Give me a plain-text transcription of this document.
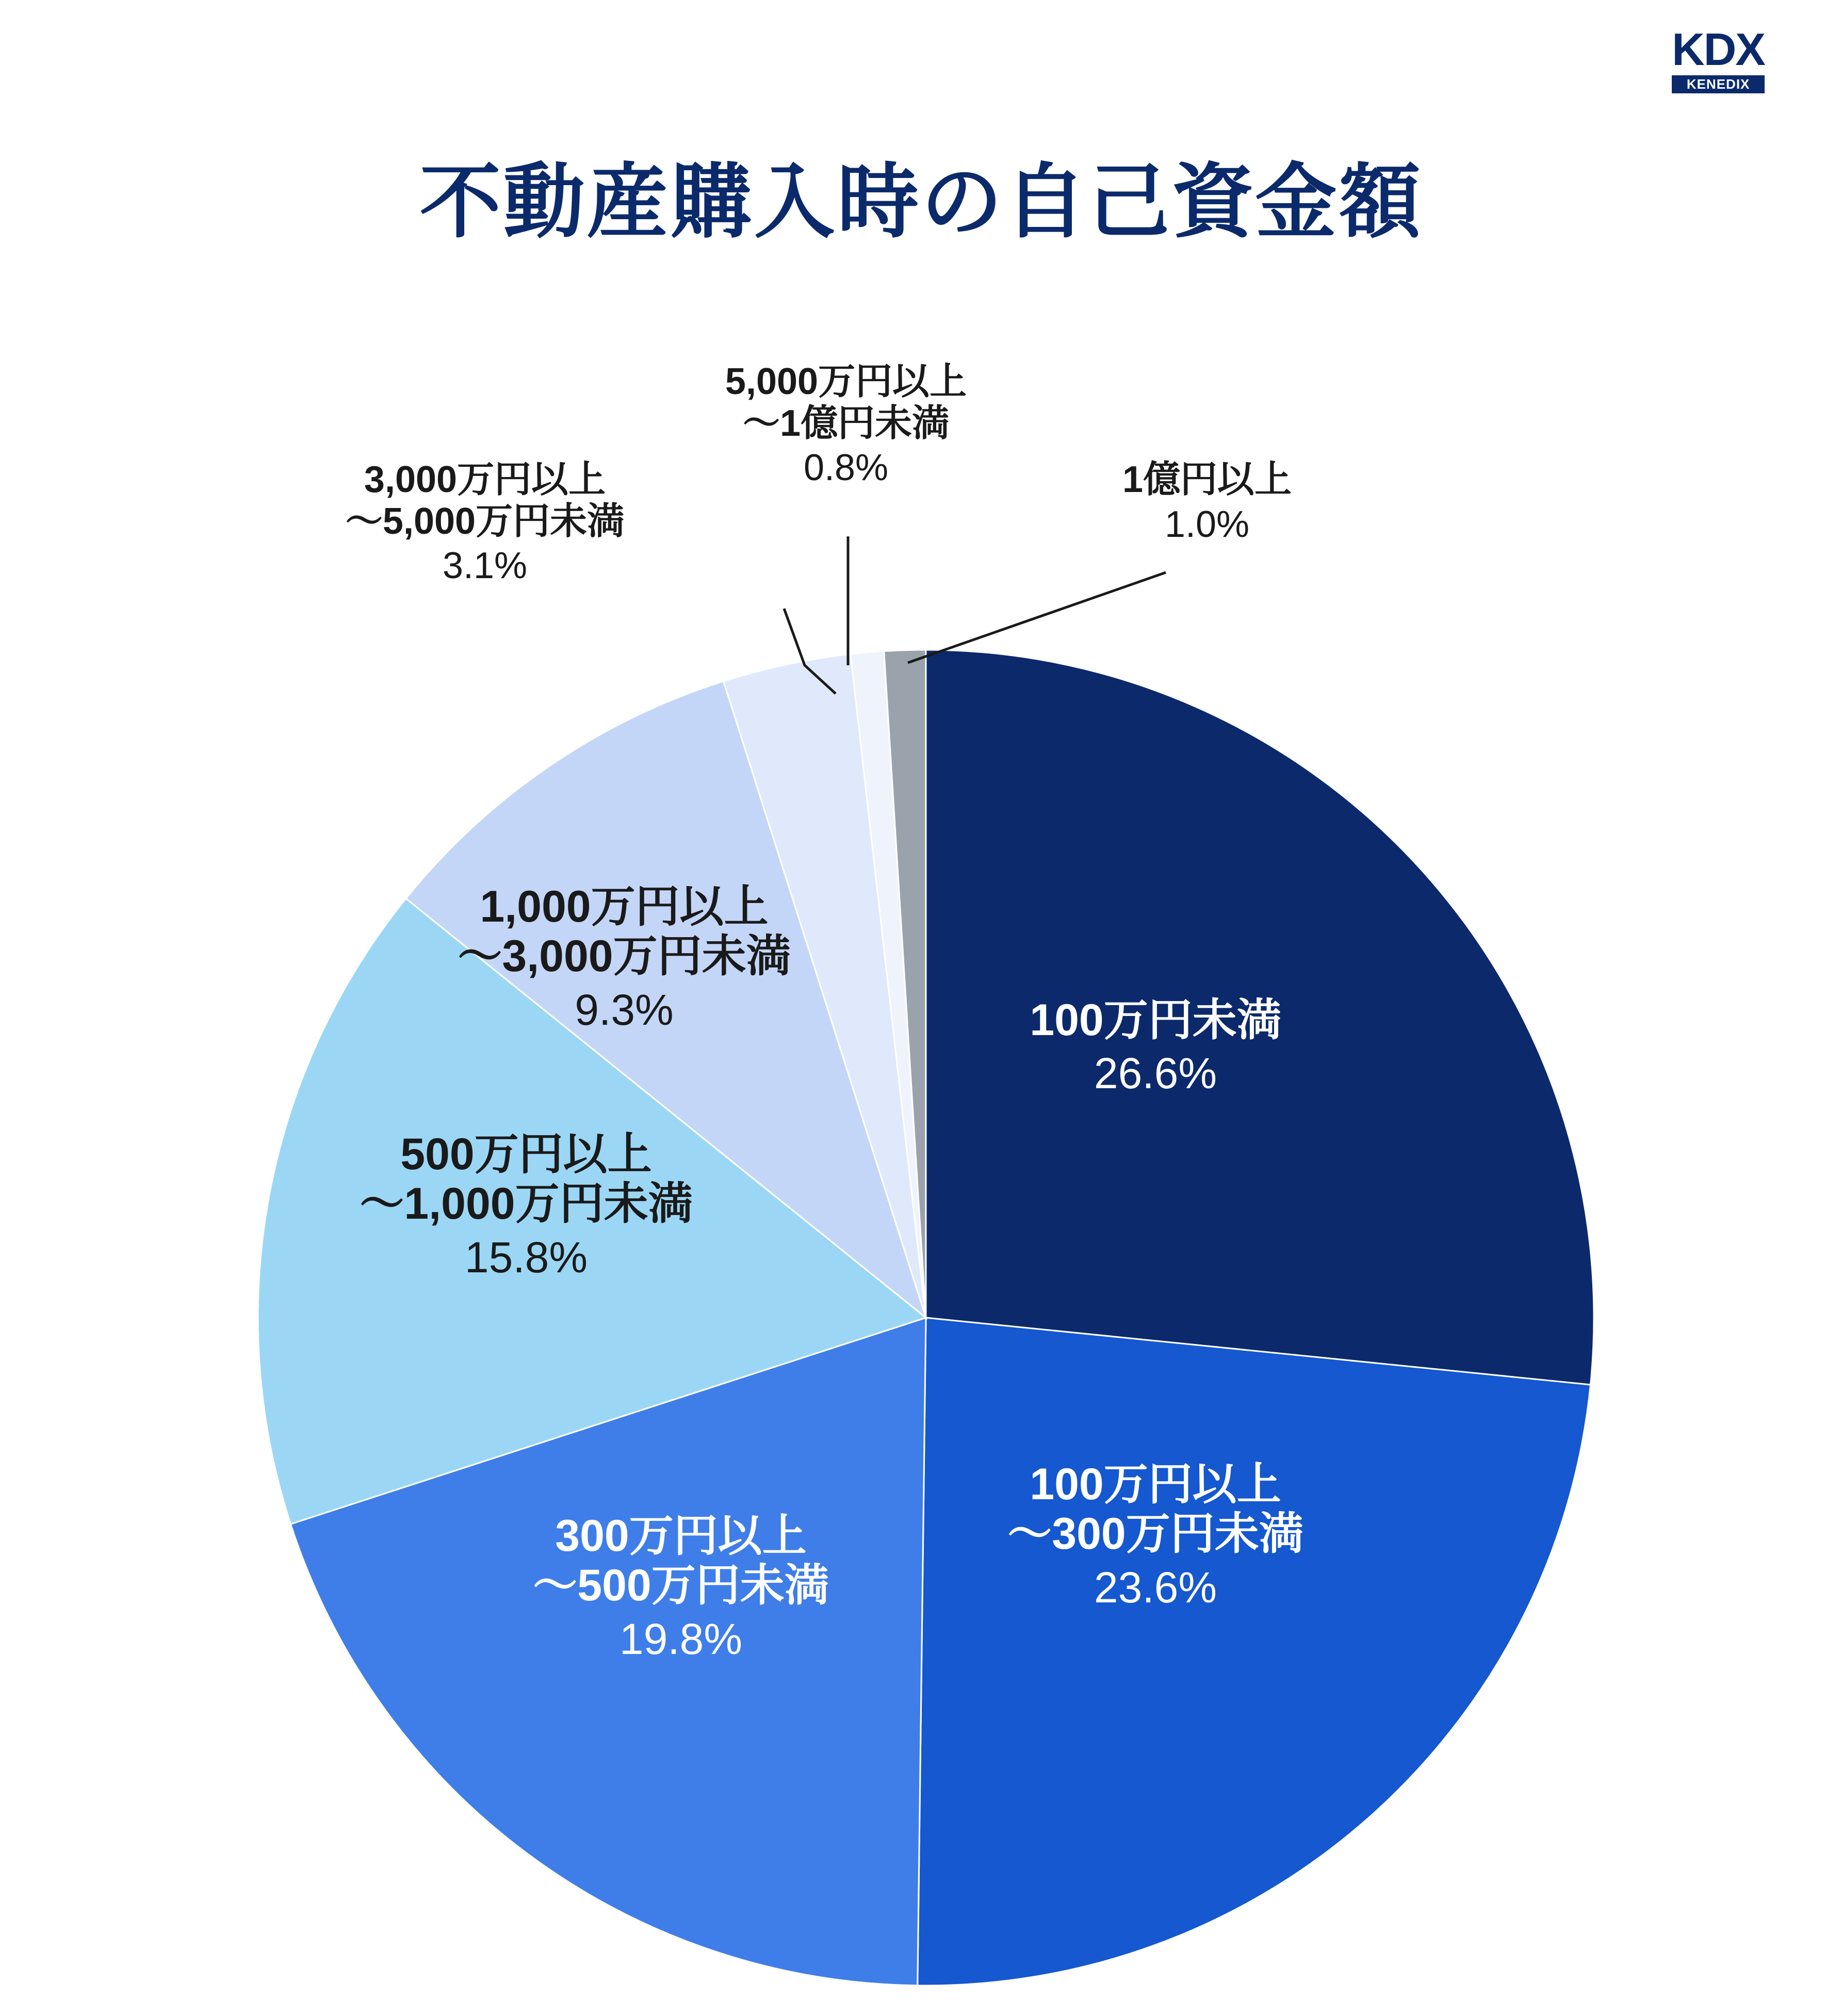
KDX
KENEDIX
不動産購入時の自己資金額
100万円未満
26.6%
100万円以上
～300万円未満
23.6%
300万円以上
～500万円未満
19.8%
500万円以上
～1,000万円未満
15.8%
1,000万円以上
～3,000万円未満
9.3%
3,000万円以上
～5,000万円未満
3.1%
5,000万円以上
～1億円未満
0.8%	1億円以上
1.0%
